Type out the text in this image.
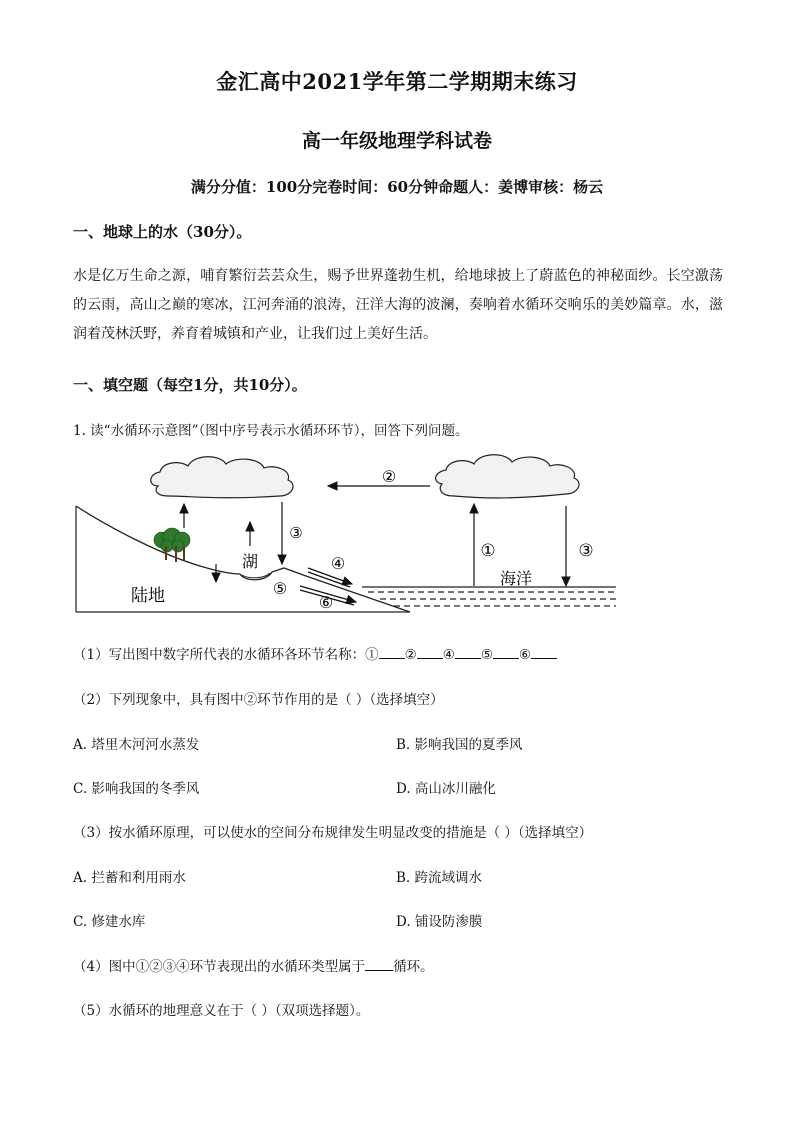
金汇高中2021学年第二学期期末练习
高一年级地理学科试卷
满分分值：100分完卷时间：60分钟命题人：姜博审核：杨云
一、地球上的水（30分）。
水是亿万生命之源，哺育繁衍芸芸众生，赐予世界蓬勃生机，给地球披上了蔚蓝色的神秘面纱。长空激荡的云雨，高山之巅的寒冰，江河奔涌的浪涛，汪洋大海的波澜，奏响着水循环交响乐的美妙篇章。水，滋润着茂林沃野，养育着城镇和产业，让我们过上美好生活。
一、填空题（每空1分，共10分）。
1. 读“水循环示意图”（图中序号表示水循环环节），回答下列问题。
②
①	③
③
湖	④
⑥
⑤
陆地
海洋
（1）写出图中数字所代表的水循环各环节名称：① ② ④ ⑤ ⑥
（2）下列现象中，具有图中②环节作用的是（ ）（选择填空）
A. 塔里木河河水蒸发	B. 影响我国的夏季风
C. 影响我国的冬季风	D. 高山冰川融化
（3）按水循环原理，可以使水的空间分布规律发生明显改变的措施是（ ）（选择填空）
A. 拦蓄和利用雨水	B. 跨流域调水
C. 修建水库	D. 铺设防渗膜
（4）图中①②③④环节表现出的水循环类型属于 循环。
（5）水循环的地理意义在于（ ）（双项选择题）。
